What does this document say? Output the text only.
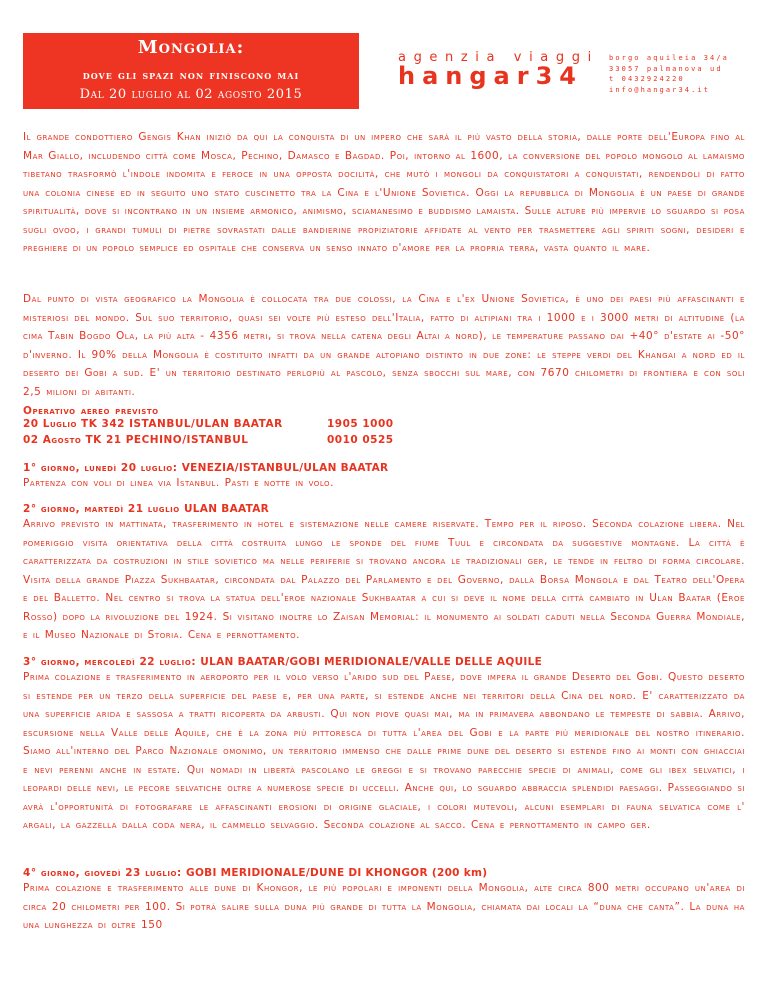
Mongolia:
dove gli spazi non finiscono mai
Dal 20 luglio al 02 agosto 2015
agenzia viaggi
hangar34
borgo aquileia 34/a
33057 palmanova ud
t 0432924220
info@hangar34.it

Il grande condottiero Gengis Khan iniziò da qui la conquista di un impero che sarà il più vasto della storia, dalle porte dell'Europa fino al Mar Giallo, includendo città come Mosca, Pechino, Damasco e Bagdad. Poi, intorno al 1600, la conversione del popolo mongolo al lamaismo tibetano trasformò l'indole indomita e feroce in una opposta docilità, che mutò i mongoli da conquistatori a conquistati, rendendoli di fatto una colonia cinese ed in seguito uno stato cuscinetto tra la Cina e l'Unione Sovietica. Oggi la repubblica di Mongolia è un paese di grande spiritualità, dove si incontrano in un insieme armonico, animismo, sciamanesimo e buddismo lamaista. Sulle alture più impervie lo sguardo si posa sugli ovoo, i grandi tumuli di pietre sovrastati dalle bandierine propiziatorie affidate al vento per trasmettere agli spiriti sogni, desideri e preghiere di un popolo semplice ed ospitale che conserva un senso innato d'amore per la propria terra, vasta quanto il mare.

Dal punto di vista geografico la Mongolia è collocata tra due colossi, la Cina e l'ex Unione Sovietica, è uno dei paesi più affascinanti e misteriosi del mondo. Sul suo territorio, quasi sei volte più esteso dell'Italia, fatto di altipiani tra i 1000 e i 3000 metri di altitudine (la cima Tabin Bogdo Ola, la più alta - 4356 metri, si trova nella catena degli Altai a nord), le temperature passano dai +40° d'estate ai -50° d'inverno. Il 90% della Mongolia è costituito infatti da un grande altopiano distinto in due zone: le steppe verdi del Khangai a nord ed il deserto dei Gobi a sud. E' un territorio destinato perlopiù al pascolo, senza sbocchi sul mare, con 7670 chilometri di frontiera e con soli 2,5 milioni di abitanti.

Operativo aereo previsto
20 Luglio TK 342 ISTANBUL/ULAN BAATAR	1905 1000
02 Agosto TK 21 PECHINO/ISTANBUL	0010 0525
1° giorno, lunedì 20 luglio: VENEZIA/ISTANBUL/ULAN BAATAR

Partenza con voli di linea via Istanbul. Pasti e notte in volo.

2° giorno, martedì 21 luglio ULAN BAATAR

Arrivo previsto in mattinata, trasferimento in hotel e sistemazione nelle camere riservate. Tempo per il riposo. Seconda colazione libera. Nel pomeriggio visita orientativa della città costruita lungo le sponde del fiume Tuul e circondata da suggestive montagne. La città è caratterizzata da costruzioni in stile sovietico ma nelle periferie si trovano ancora le tradizionali ger, le tende in feltro di forma circolare. Visita della grande Piazza Sukhbaatar, circondata dal Palazzo del Parlamento e del Governo, dalla Borsa Mongola e dal Teatro dell'Opera e del Balletto. Nel centro si trova la statua dell'eroe nazionale Sukhbaatar a cui si deve il nome della città cambiato in Ulan Baatar (Eroe Rosso) dopo la rivoluzione del 1924. Si visitano inoltre lo Zaisan Memorial: il monumento ai soldati caduti nella Seconda Guerra Mondiale, e il Museo Nazionale di Storia. Cena e pernottamento.

3° giorno, mercoledì 22 luglio: ULAN BAATAR/GOBI MERIDIONALE/VALLE DELLE AQUILE

Prima colazione e trasferimento in aeroporto per il volo verso l'arido sud del Paese, dove impera il grande Deserto del Gobi. Questo deserto si estende per un terzo della superficie del paese e, per una parte, si estende anche nei territori della Cina del nord. E' caratterizzato da una superficie arida e sassosa a tratti ricoperta da arbusti. Qui non piove quasi mai, ma in primavera abbondano le tempeste di sabbia. Arrivo, escursione nella Valle delle Aquile, che è la zona più pittoresca di tutta l'area del Gobi e la parte più meridionale del nostro itinerario. Siamo all'interno del Parco Nazionale omonimo, un territorio immenso che dalle prime dune del deserto si estende fino ai monti con ghiacciai e nevi perenni anche in estate. Qui nomadi in libertà pascolano le greggi e si trovano parecchie specie di animali, come gli ibex selvatici, i leopardi delle nevi, le pecore selvatiche oltre a numerose specie di uccelli. Anche qui, lo sguardo abbraccia splendidi paesaggi. Passeggiando si avrà l'opportunità di fotografare le affascinanti erosioni di origine glaciale, i colori mutevoli, alcuni esemplari di fauna selvatica come l' argali, la gazzella dalla coda nera, il cammello selvaggio. Seconda colazione al sacco. Cena e pernottamento in campo ger.

4° giorno, giovedì 23 luglio: GOBI MERIDIONALE/DUNE DI KHONGOR (200 km)

Prima colazione e trasferimento alle dune di Khongor, le più popolari e imponenti della Mongolia, alte circa 800 metri occupano un'area di circa 20 chilometri per 100. Si potrà salire sulla duna più grande di tutta la Mongolia, chiamata dai locali la “duna che canta”. La duna ha una lunghezza di oltre 150
